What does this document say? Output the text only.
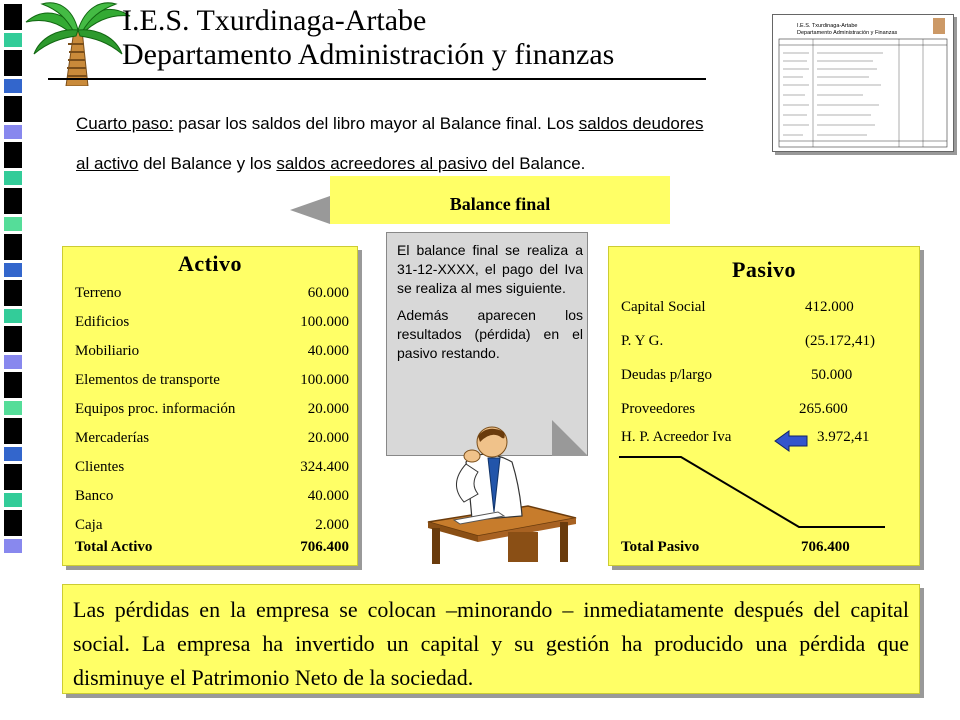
I.E.S. Txurdinaga-Artabe
Departamento Administración y finanzas
I.E.S. Txurdinaga-Artabe
Departamento Administración y Finanzas
Cuarto paso: pasar los saldos del libro mayor al Balance final. Los saldos deudores
al activo del Balance y los saldos acreedores al pasivo del Balance.
Balance final
Activo
Terreno	60.000
Edificios	100.000
Mobiliario	40.000
Elementos de transporte	100.000
Equipos proc. información	20.000
Mercaderías	20.000
Clientes	324.400
Banco	40.000
Caja	2.000
Total Activo	706.400

El balance final se realiza a 31-12-XXXX, el pago del Iva se realiza al mes siguiente.

Además aparecen los resultados (pérdida) en el pasivo restando.

Pasivo
Capital Social	412.000
P. Y G.	(25.172,41)
Deudas p/largo	50.000
Proveedores	265.600
H. P. Acreedor Iva	3.972,41
Total Pasivo	706.400

Las pérdidas en la empresa se colocan –minorando – inmediatamente después del capital social. La empresa ha invertido un capital y su gestión ha producido una pérdida que disminuye el Patrimonio Neto de la sociedad.
